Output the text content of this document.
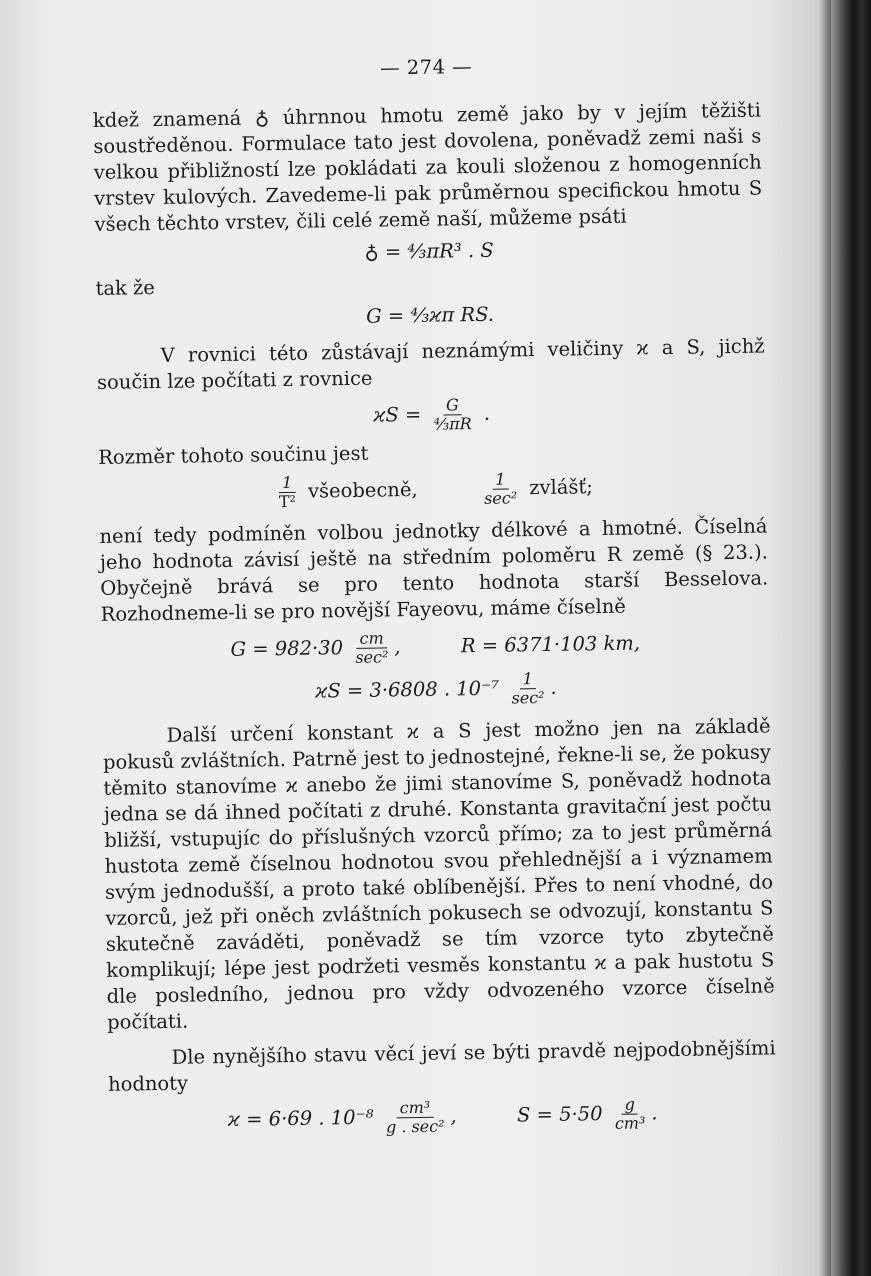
— 274 —

kdež znamená ♁ úhrnnou hmotu země jako by v jejím těžišti soustředěnou. Formulace tato jest dovolena, poněvadž zemi naši s velkou přibližností lze pokládati za kouli složenou z homogenních vrstev kulových. Zavedeme-li pak průměrnou specifickou hmotu S všech těchto vrstev, čili celé země naší, můžeme psáti

♁ = ⁴⁄₃πR³ . S
tak že
G = ⁴⁄₃ϰπ RS.

V rovnici této zůstávají neznámými veličiny ϰ a S, jichž součin lze počítati z rovnice

$ϰS = \frac{G}{\text{⁴⁄₃πR}}$ .

Rozměr tohoto součinu jest

$\frac{1}{\text{T²}}$ všeobecně,	$\frac{1}{\text{sec²}}$ zvlášť;

není tedy podmíněn volbou jednotky délkové a hmotné. Číselná jeho hodnota závisí ještě na středním poloměru R země (§ 23.). Obyčejně brává se pro tento hodnota starší Besselova. Rozhodneme-li se pro novější Fayeovu, máme číselně

$G = 982\cdot 30 \frac{cm}{\text{sec²}}$ ,	R = 6371·103 km,
ϰS = 3·6808 . $10^{-7} \frac{1}{\text{sec²}}$ .

Další určení konstant ϰ a S jest možno jen na základě pokusů zvláštních. Patrně jest to jednostejné, řekne-li se, že pokusy těmito stanovíme ϰ anebo že jimi stanovíme S, poněvadž hodnota jedna se dá ihned počítati z druhé. Konstanta gravitační jest počtu bližší, vstupujíc do příslušných vzorců přímo; za to jest průměrná hustota země číselnou hodnotou svou přehlednější a i významem svým jednodušší, a proto také oblíbenější. Přes to není vhodné, do vzorců, jež při oněch zvláštních pokusech se odvozují, konstantu S skutečně zaváděti, poněvadž se tím vzorce tyto zbytečně komplikují; lépe jest podržeti vesměs konstantu ϰ a pak hustotu S dle posledního, jednou pro vždy odvozeného vzorce číselně počítati.

Dle nynějšího stavu věcí jeví se býti pravdě nejpodobnějšími hodnoty

ϰ = 6·69 . $10^{-8} \frac{\text{cm³}}{\text{g . sec²}}$ ,	$S = 5\cdot 50 \frac{g}{\text{cm³}}$ .
